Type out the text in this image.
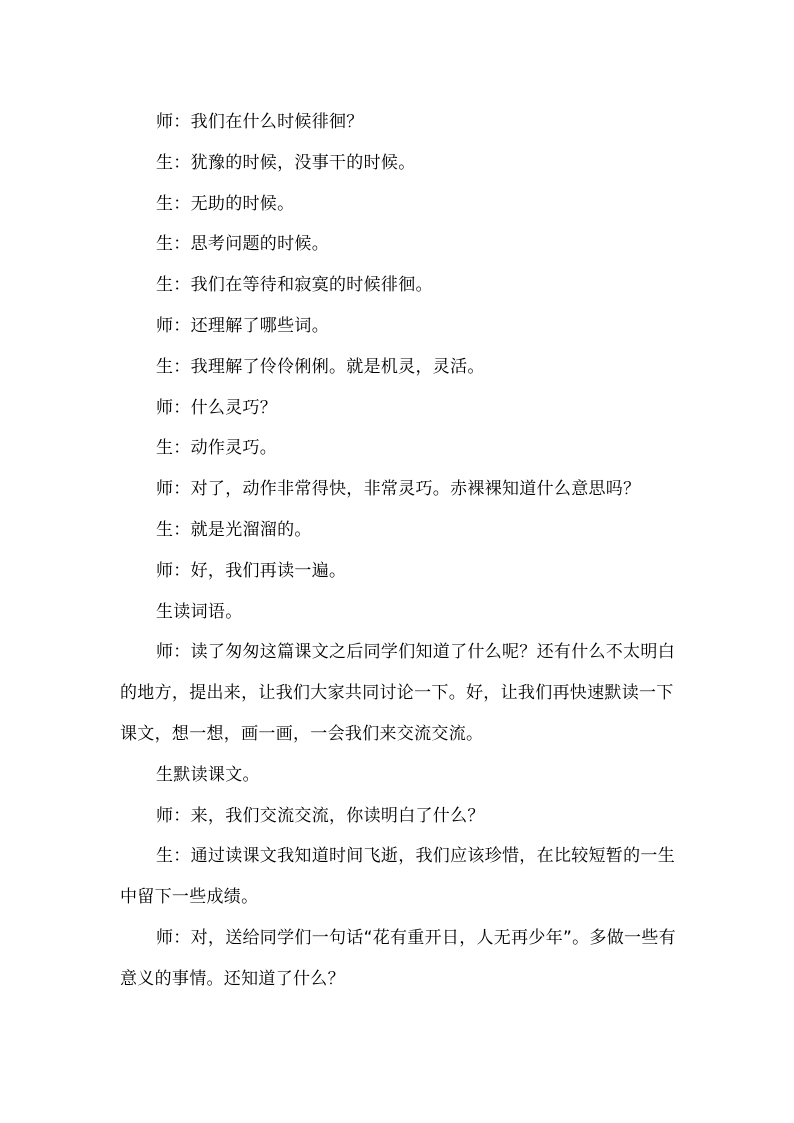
师：我们在什么时候徘徊？

生：犹豫的时候，没事干的时候。

生：无助的时候。

生：思考问题的时候。

生：我们在等待和寂寞的时候徘徊。

师：还理解了哪些词。

生：我理解了伶伶俐俐。就是机灵，灵活。

师：什么灵巧？

生：动作灵巧。

师：对了，动作非常得快，非常灵巧。赤裸裸知道什么意思吗？

生：就是光溜溜的。

师：好，我们再读一遍。

生读词语。

师：读了匆匆这篇课文之后同学们知道了什么呢？还有什么不太明白的地方，提出来，让我们大家共同讨论一下。好，让我们再快速默读一下课文，想一想，画一画，一会我们来交流交流。

生默读课文。

师：来，我们交流交流，你读明白了什么？

生：通过读课文我知道时间飞逝，我们应该珍惜，在比较短暂的一生中留下一些成绩。

师：对，送给同学们一句话“花有重开日，人无再少年”。多做一些有意义的事情。还知道了什么？
